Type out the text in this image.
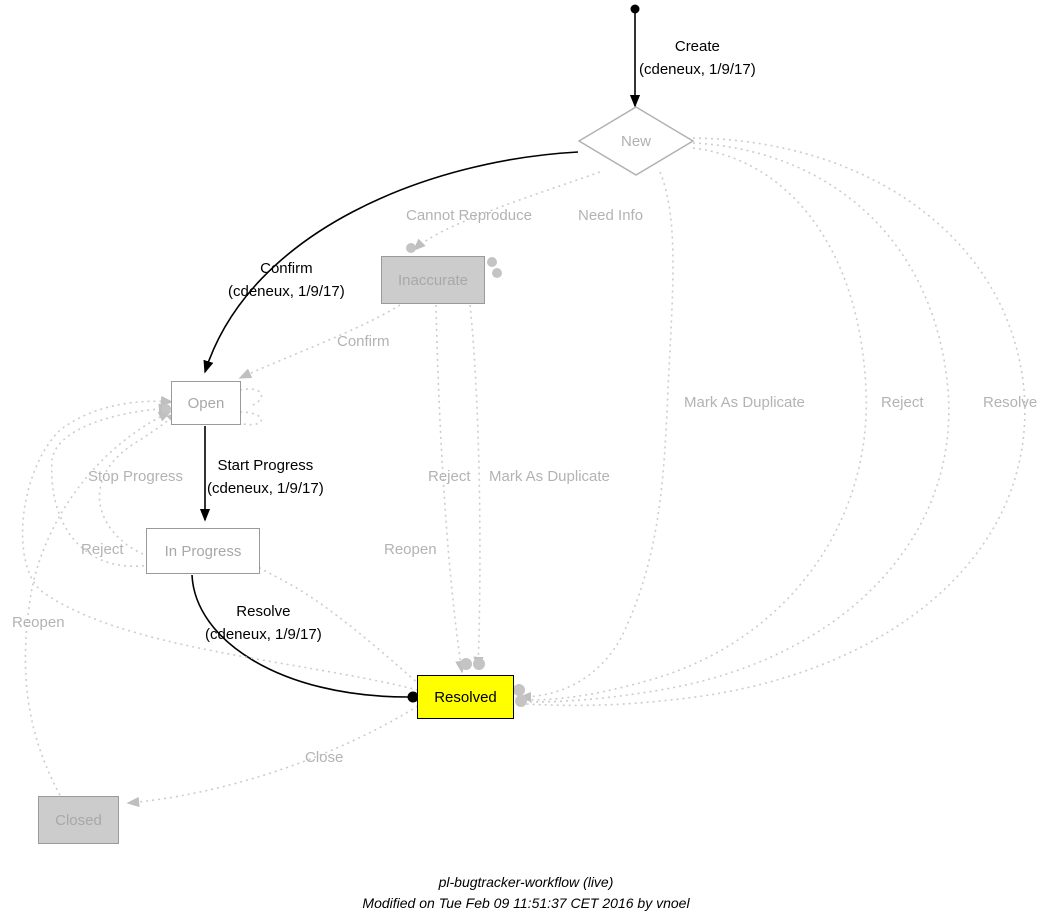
New
Inaccurate
Open
In Progress
Resolved
Closed
Create
(cdeneux, 1/9/17)
Confirm
(cdeneux, 1/9/17)
Start Progress
(cdeneux, 1/9/17)
Resolve
(cdeneux, 1/9/17)
Cannot Reproduce	Need Info
Confirm
Mark As Duplicate	Reject	Resolve
Stop Progress	Reject Mark As Duplicate
Reject	Reopen
Reopen
Close
pl-bugtracker-workflow (live)
Modified on Tue Feb 09 11:51:37 CET 2016 by vnoel
